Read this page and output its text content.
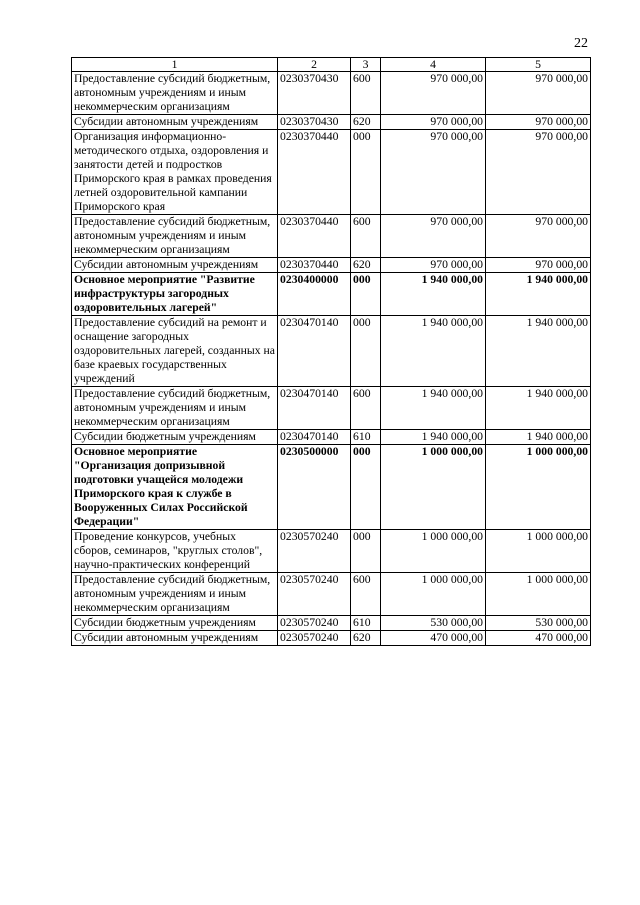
22
1	2	3	4	5
Предоставление субсидий бюджетным, автономным учреждениям и иным некоммерческим организациям	0230370430	600	970 000,00	970 000,00
Субсидии автономным учреждениям	0230370430	620	970 000,00	970 000,00
Организация информационно-методического отдыха, оздоровления и занятости детей и подростков Приморского края в рамках проведения летней оздоровительной кампании Приморского края	0230370440	000	970 000,00	970 000,00
Предоставление субсидий бюджетным, автономным учреждениям и иным некоммерческим организациям	0230370440	600	970 000,00	970 000,00
Субсидии автономным учреждениям	0230370440	620	970 000,00	970 000,00
Основное мероприятие "Развитие инфраструктуры загородных оздоровительных лагерей"	0230400000	000	1 940 000,00	1 940 000,00
Предоставление субсидий на ремонт и оснащение загородных оздоровительных лагерей, созданных на базе краевых государственных учреждений	0230470140	000	1 940 000,00	1 940 000,00
Предоставление субсидий бюджетным, автономным учреждениям и иным некоммерческим организациям	0230470140	600	1 940 000,00	1 940 000,00
Субсидии бюджетным учреждениям	0230470140	610	1 940 000,00	1 940 000,00
Основное мероприятие "Организация допризывной подготовки учащейся молодежи Приморского края к службе в Вооруженных Силах Российской Федерации"	0230500000	000	1 000 000,00	1 000 000,00
Проведение конкурсов, учебных сборов, семинаров, "круглых столов", научно-практических конференций	0230570240	000	1 000 000,00	1 000 000,00
Предоставление субсидий бюджетным, автономным учреждениям и иным некоммерческим организациям	0230570240	600	1 000 000,00	1 000 000,00
Субсидии бюджетным учреждениям	0230570240	610	530 000,00	530 000,00
Субсидии автономным учреждениям	0230570240	620	470 000,00	470 000,00
